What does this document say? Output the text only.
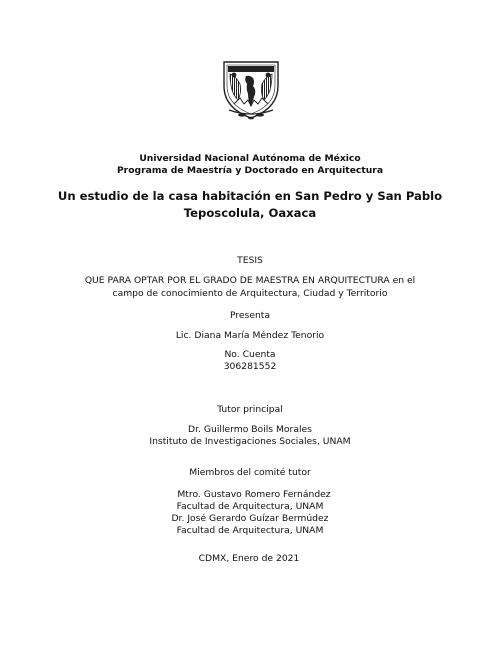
Universidad Nacional Autónoma de México
Programa de Maestría y Doctorado en Arquitectura
Un estudio de la casa habitación en San Pedro y San Pablo
Teposcolula, Oaxaca
TESIS
QUE PARA OPTAR POR EL GRADO DE MAESTRA EN ARQUITECTURA en el
campo de conocimiento de Arquitectura, Ciudad y Territorio
Presenta
Lic. Diana María Méndez Tenorio
No. Cuenta
306281552
Tutor principal
Dr. Guillermo Boils Morales
Instituto de Investigaciones Sociales, UNAM
Miembros del comité tutor
Mtro. Gustavo Romero Fernández
Facultad de Arquitectura, UNAM
Dr. José Gerardo Guízar Bermúdez
Facultad de Arquitectura, UNAM
CDMX, Enero de 2021
